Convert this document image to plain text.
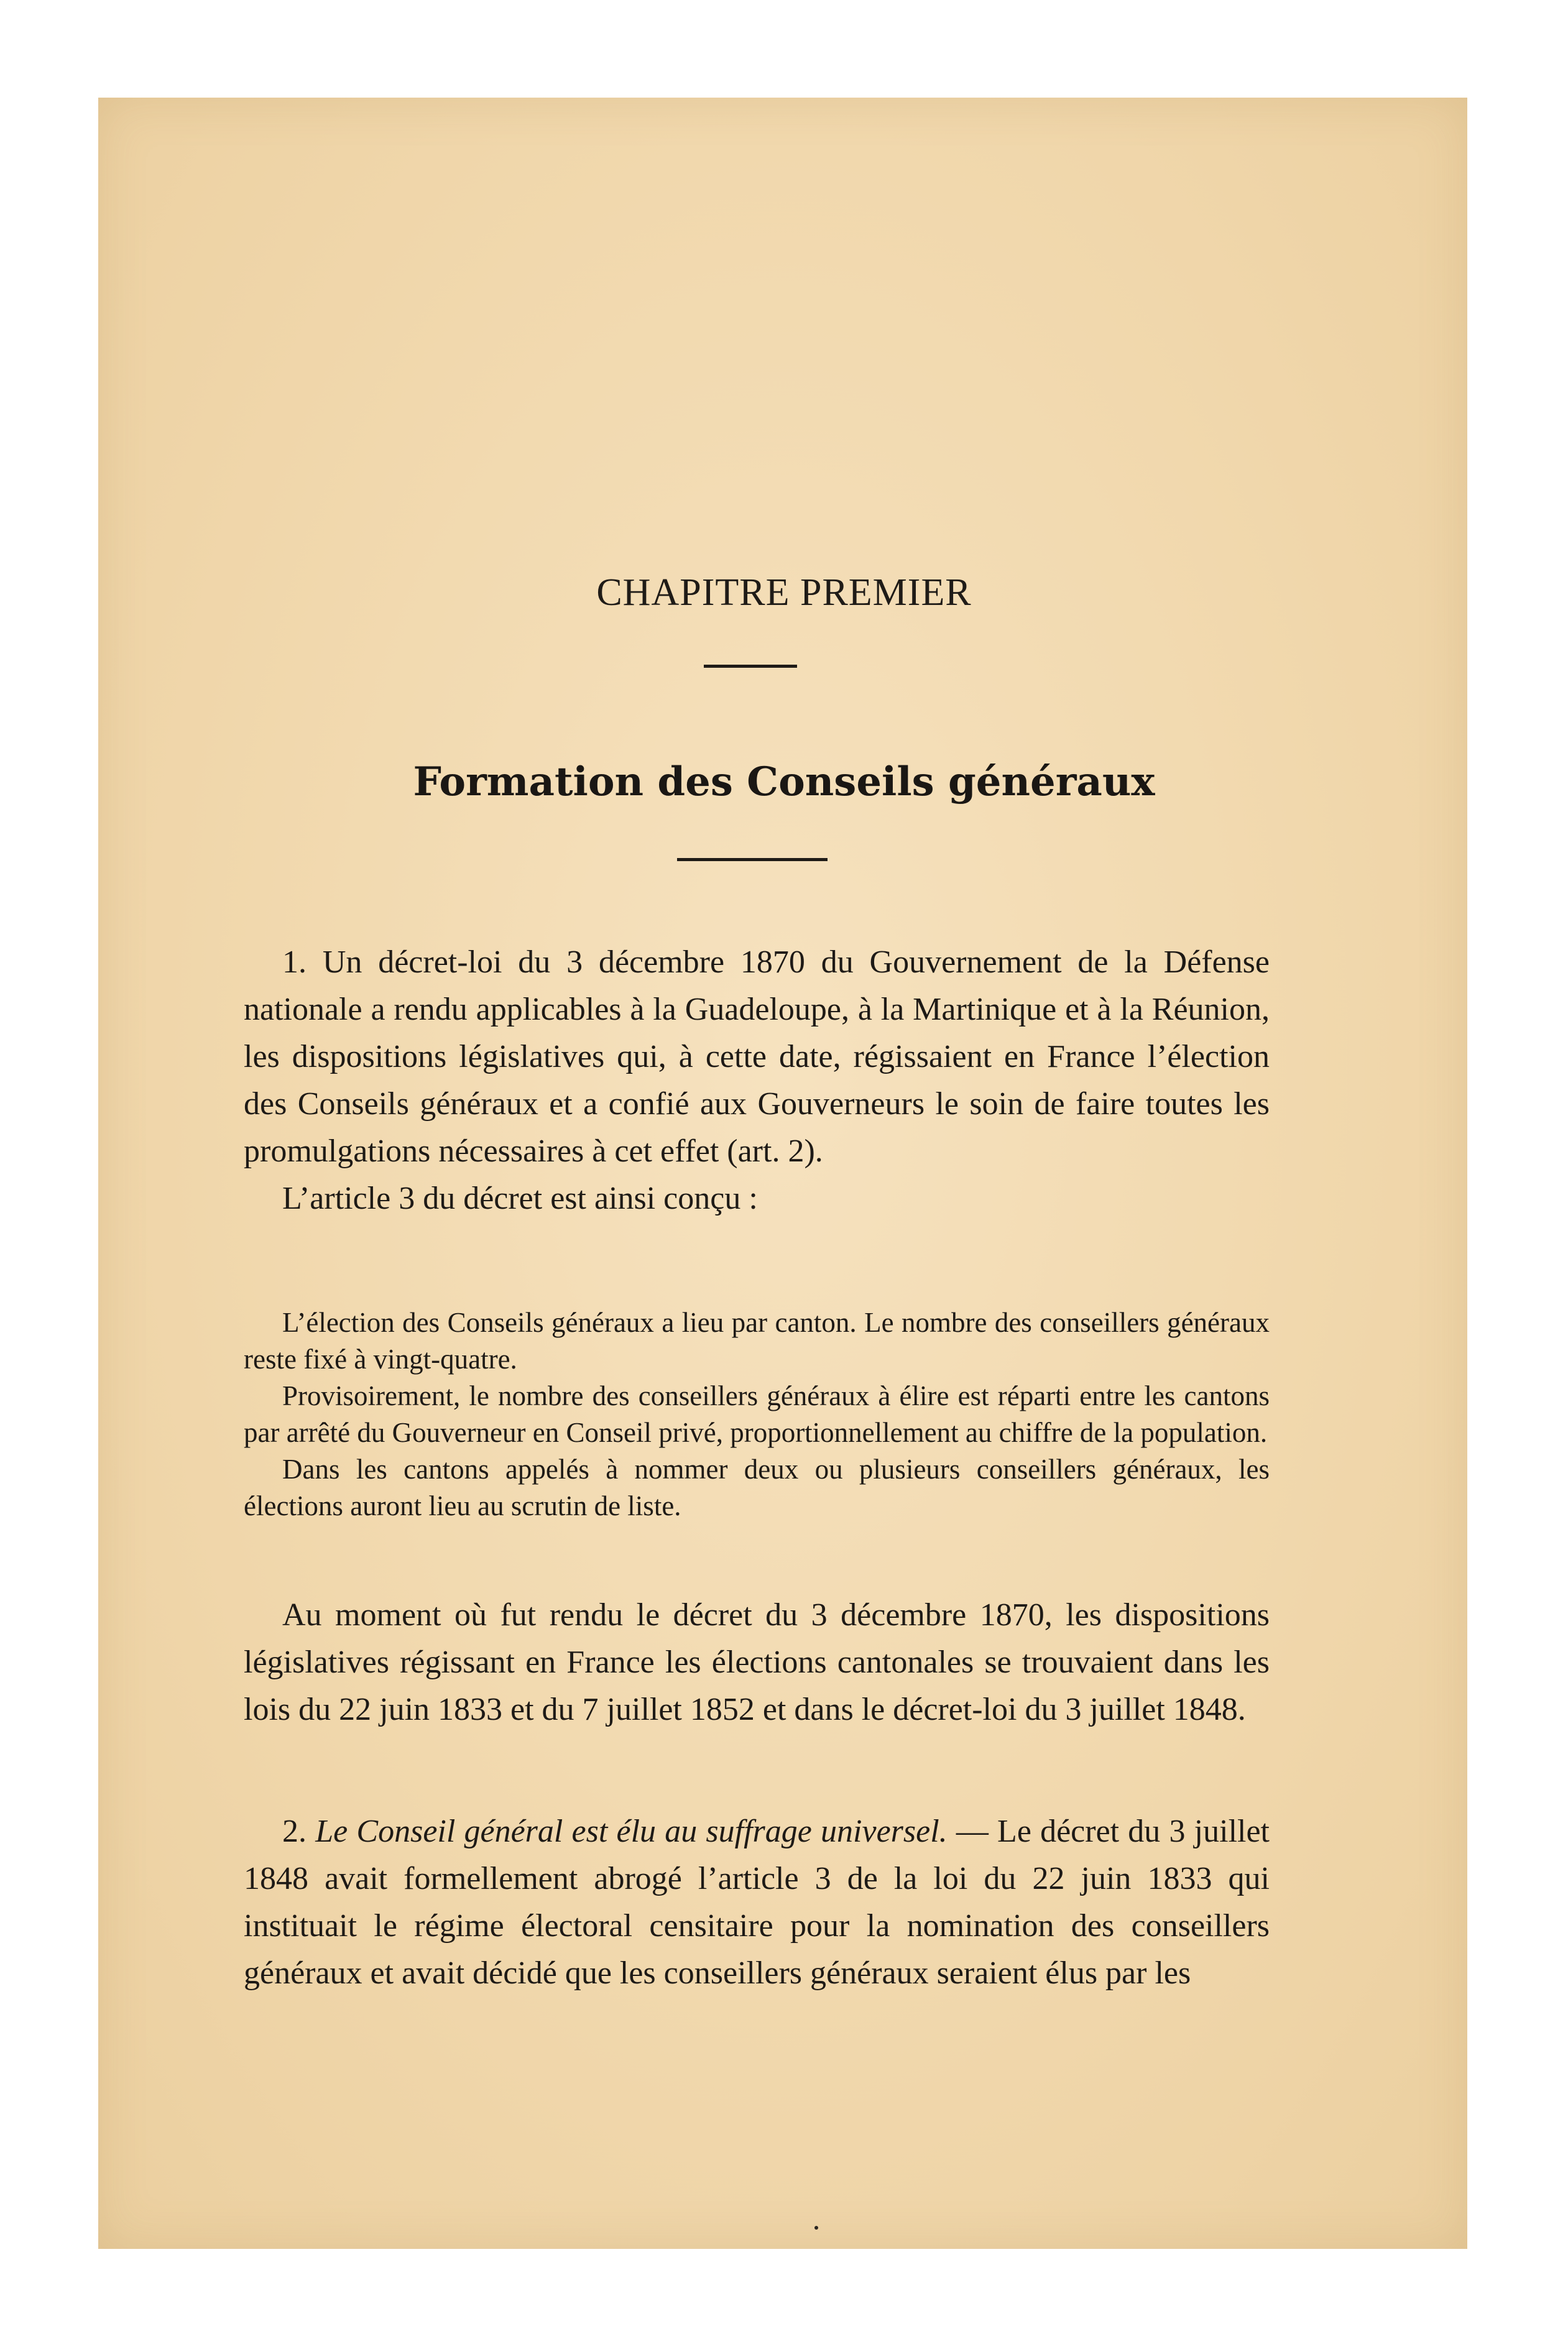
CHAPITRE PREMIER
Formation des Conseils généraux

1. Un décret-loi du 3 décembre 1870 du Gouvernement de la Défense nationale a rendu applicables à la Guadeloupe, à la Martinique et à la Réunion, les dispositions législatives qui, à cette date, régissaient en France l’élection des Conseils généraux et a confié aux Gouverneurs le soin de faire toutes les promulgations nécessaires à cet effet (art. 2).

L’article 3 du décret est ainsi conçu :

L’élection des Conseils généraux a lieu par canton. Le nombre des conseillers généraux reste fixé à vingt-quatre.

Provisoirement, le nombre des conseillers généraux à élire est réparti entre les cantons par arrêté du Gouverneur en Conseil privé, proportionnellement au chiffre de la population.

Dans les cantons appelés à nommer deux ou plusieurs conseillers généraux, les élections auront lieu au scrutin de liste.

Au moment où fut rendu le décret du 3 décembre 1870, les dispositions législatives régissant en France les élections cantonales se trouvaient dans les lois du 22 juin 1833 et du 7 juillet 1852 et dans le décret-loi du 3 juillet 1848.

2. Le Conseil général est élu au suffrage universel. — Le décret du 3 juillet 1848 avait formellement abrogé l’article 3 de la loi du 22 juin 1833 qui instituait le régime électoral censitaire pour la nomination des conseillers généraux et avait décidé que les conseillers généraux seraient élus par les
